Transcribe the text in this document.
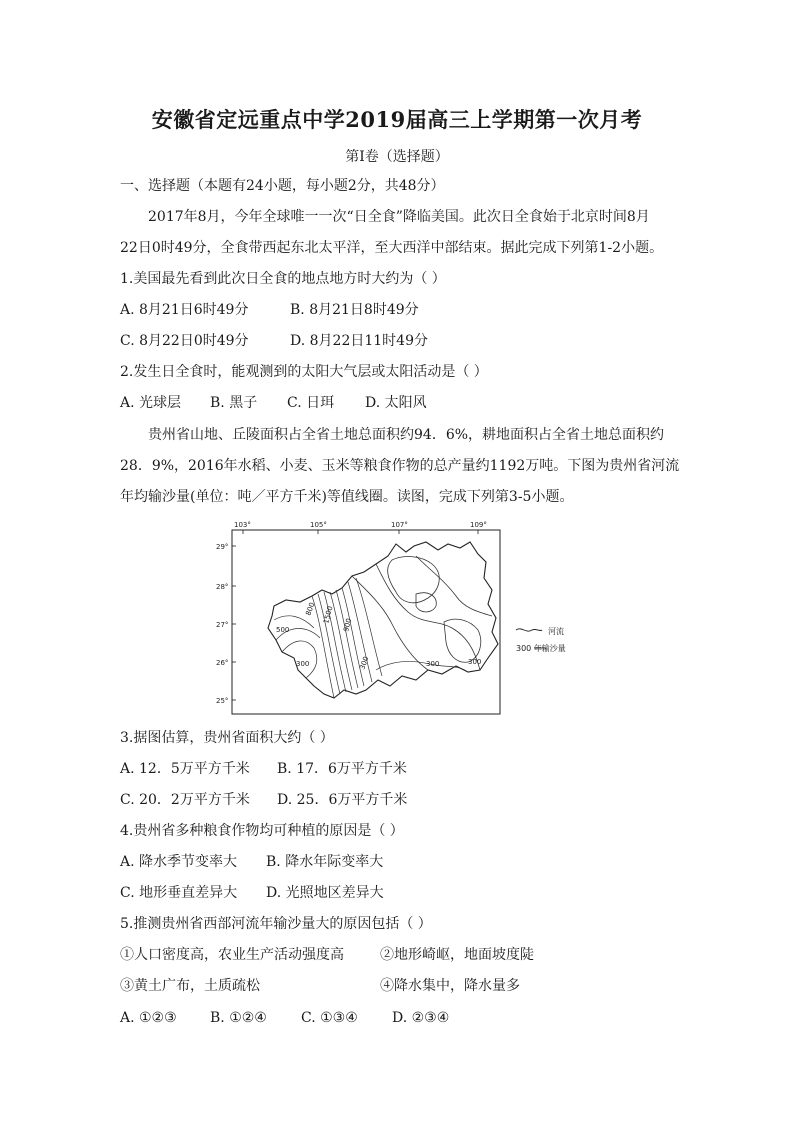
安徽省定远重点中学2019届高三上学期第一次月考
第Ⅰ卷（选择题）
一、选择题（本题有24小题，每小题2分，共48分）
2017年8月，今年全球唯一一次“日全食”降临美国。此次日全食始于北京时间8月
22日0时49分，全食带西起东北太平洋，至大西洋中部结束。据此完成下列第1-2小题。
1.美国最先看到此次日全食的地点地方时大约为（ ）
A. 8月21日6时49分	B. 8月21日8时49分
C. 8月22日0时49分	D. 8月22日11时49分
2.发生日全食时，能观测到的太阳大气层或太阳活动是（ ）
A. 光球层 B. 黑子 C. 日珥 D. 太阳风
贵州省山地、丘陵面积占全省土地总面积约94．6%，耕地面积占全省土地总面积约
28．9%，2016年水稻、小麦、玉米等粮食作物的总产量约1192万吨。下图为贵州省河流
年均输沙量(单位：吨／平方千米)等值线圈。读图，完成下列第3-5小题。
103°	105°	107°	109°
29°
28°
27°
26°
25°
800 1500
900
300	300	300
300
500	河流
300 年输沙量
3.据图估算，贵州省面积大约（ ）
A. 12．5万平方千米 B. 17．6万平方千米
C. 20．2万平方千米 D. 25．6万平方千米
4.贵州省多种粮食作物均可种植的原因是（ ）
A. 降水季节变率大 B. 降水年际变率大
C. 地形垂直差异大 D. 光照地区差异大
5.推测贵州省西部河流年输沙量大的原因包括（ ）
①人口密度高，农业生产活动强度高	②地形崎岖，地面坡度陡
③黄土广布，土质疏松	④降水集中，降水量多
A. ①②③ B. ①②④ C. ①③④ D. ②③④
